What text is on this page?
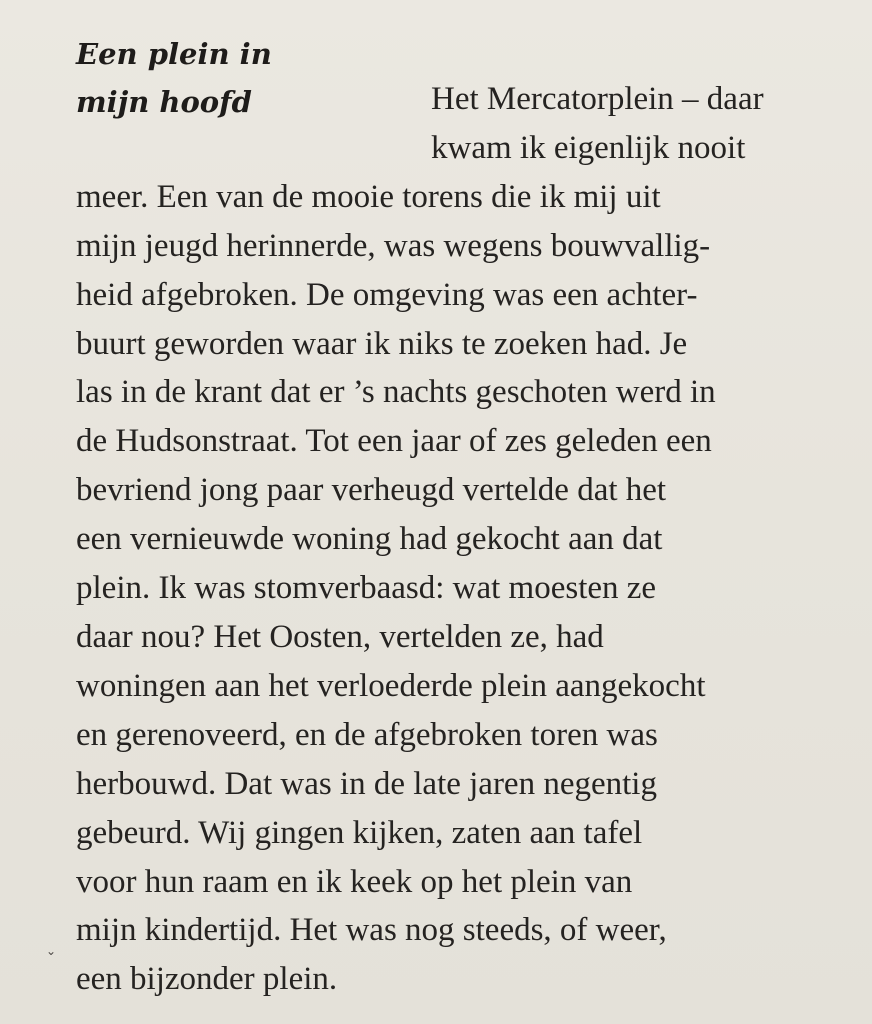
Een plein in
mijn hoofd	Het Mercatorplein – daar
kwam ik eigenlijk nooit
meer. Een van de mooie torens die ik mij uit
mijn jeugd herinnerde, was wegens bouwvallig-
heid afgebroken. De omgeving was een achter-
buurt geworden waar ik niks te zoeken had. Je
las in de krant dat er ’s nachts geschoten werd in
de Hudsonstraat. Tot een jaar of zes geleden een
bevriend jong paar verheugd vertelde dat het
een vernieuwde woning had gekocht aan dat
plein. Ik was stomverbaasd: wat moesten ze
daar nou? Het Oosten, vertelden ze, had
woningen aan het verloederde plein aangekocht
en gerenoveerd, en de afgebroken toren was
herbouwd. Dat was in de late jaren negentig
gebeurd. Wij gingen kijken, zaten aan tafel
voor hun raam en ik keek op het plein van
mijn kindertijd. Het was nog steeds, of weer,
een bijzonder plein.

⌄
